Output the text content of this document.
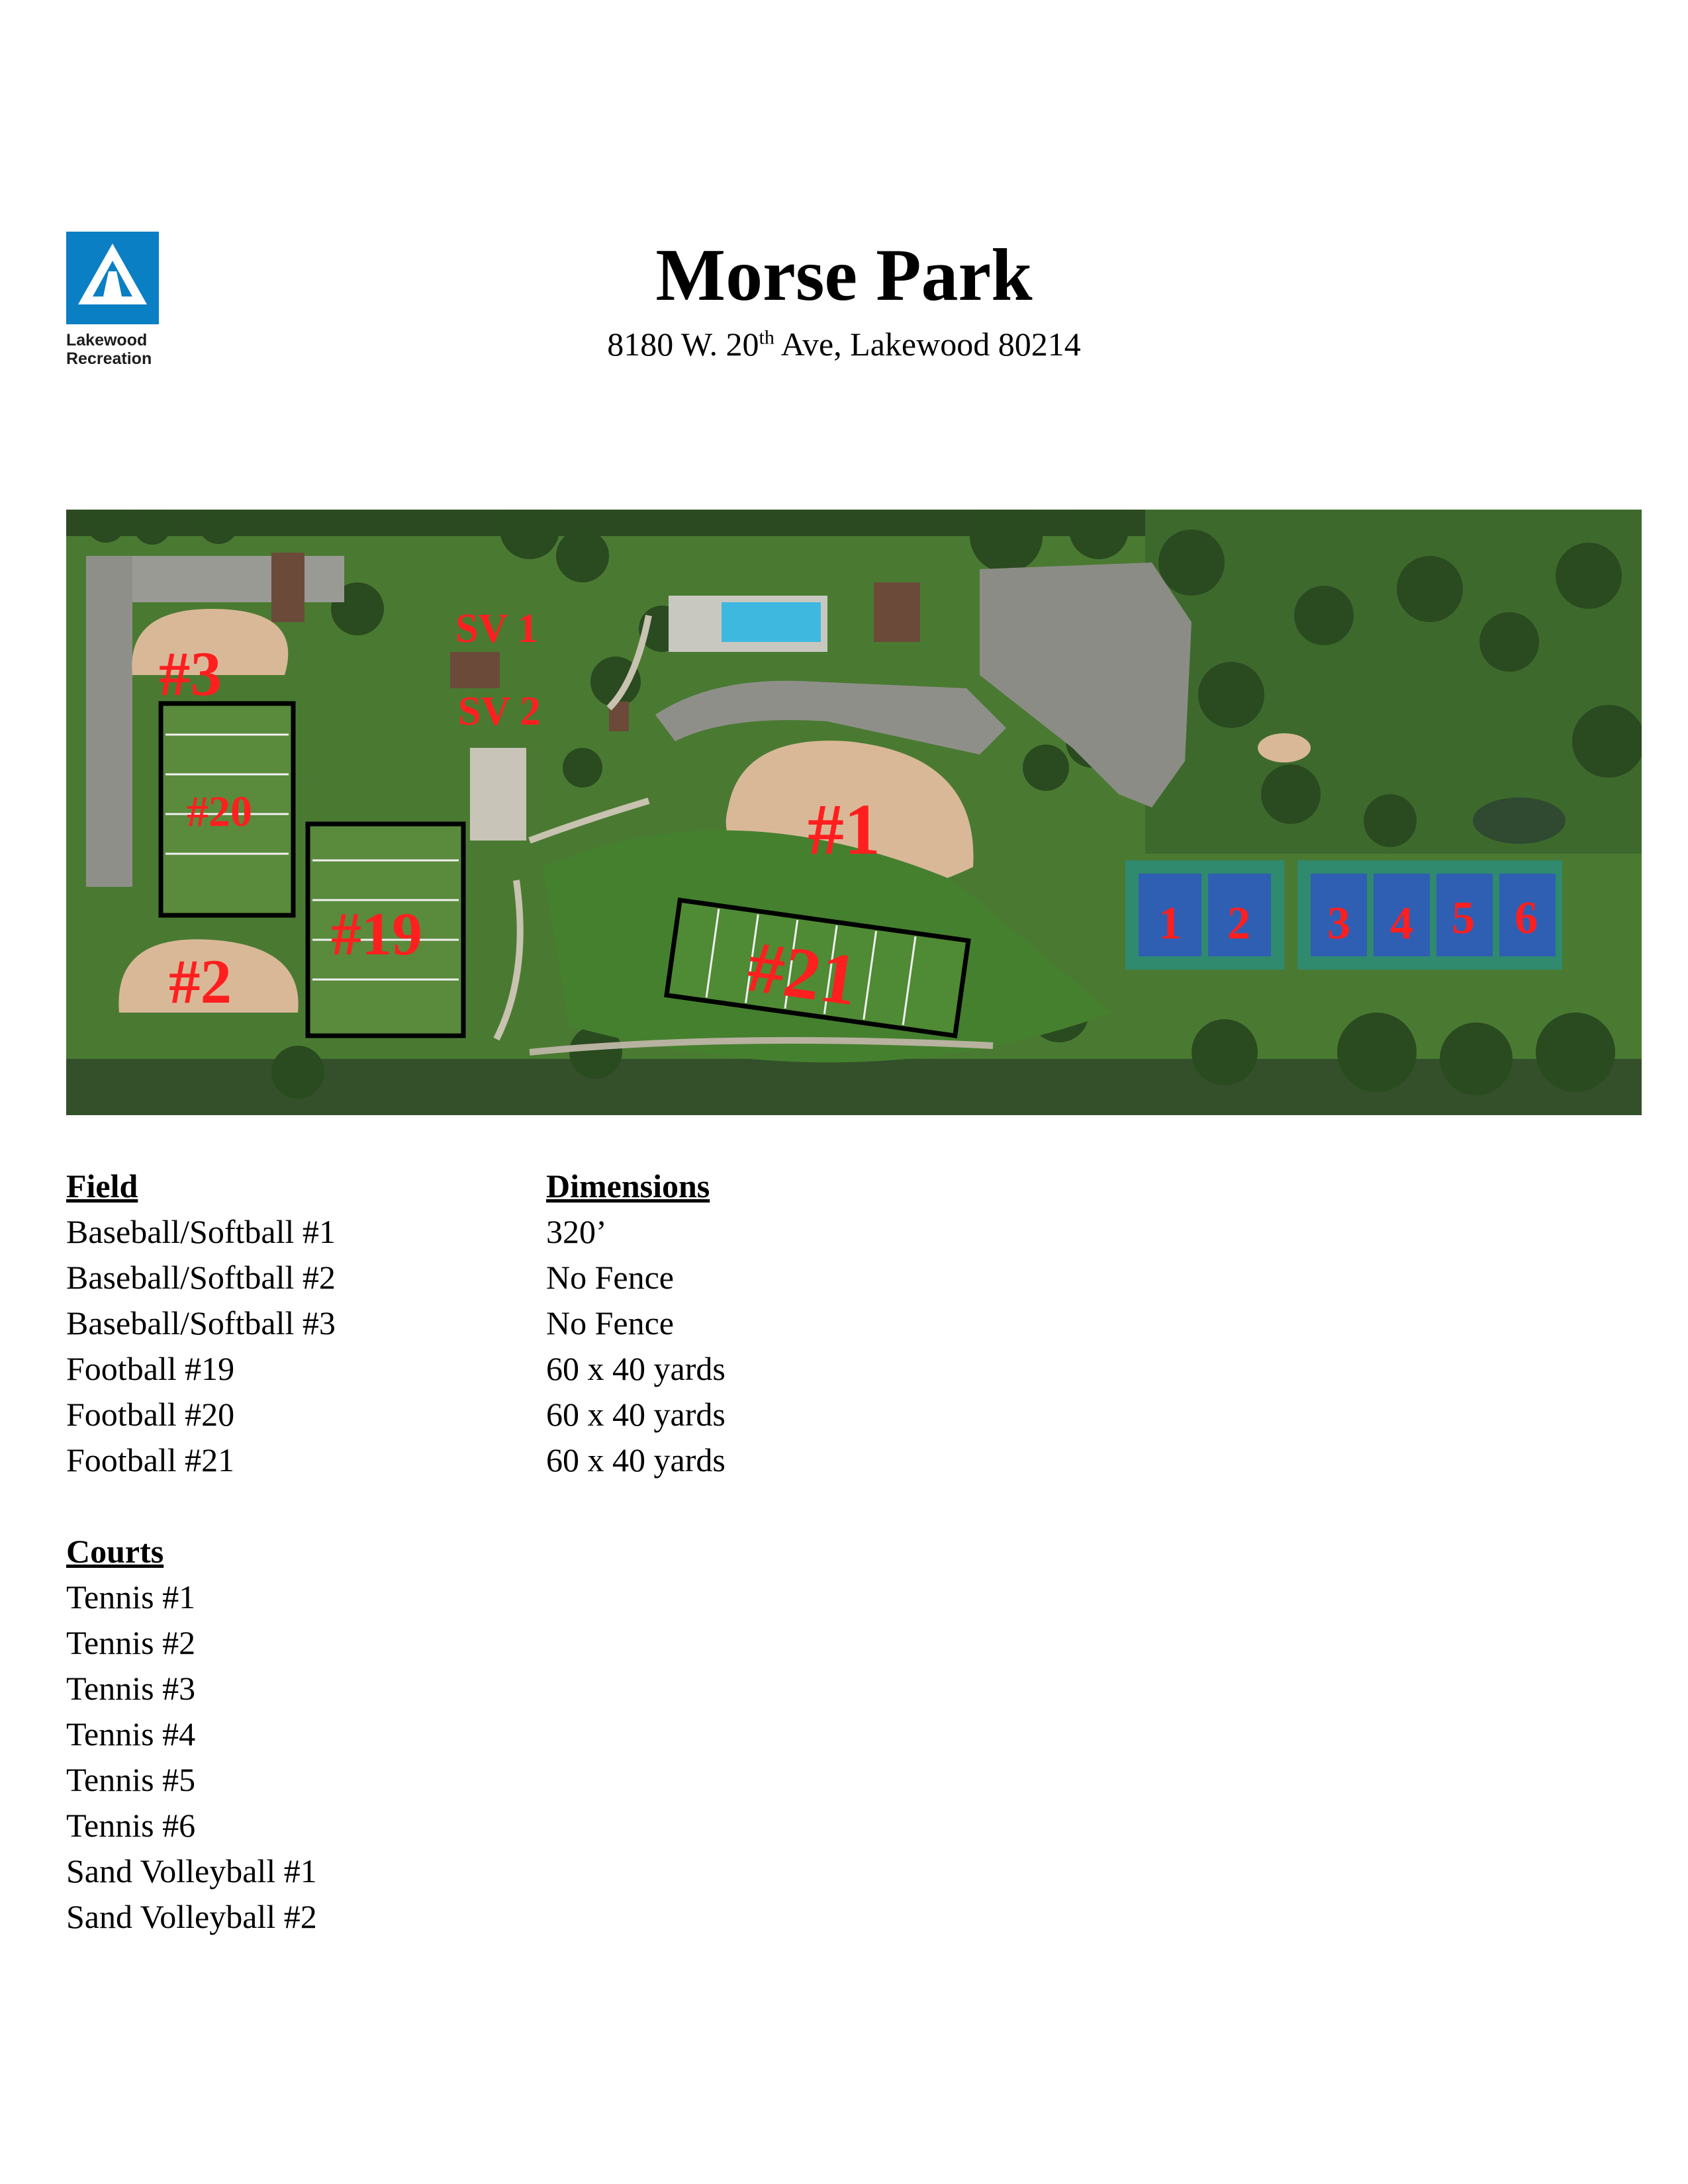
Lakewood
Recreation
Morse Park
8180 W. 20th Ave, Lakewood 80214
#3
#20
#19
#2
#1
#21
SV 1
SV 2
1 2 3 4 5 6
Field	Dimensions
Baseball/Softball #1	320’
Baseball/Softball #2	No Fence
Baseball/Softball #3	No Fence
Football #19	60 x 40 yards
Football #20	60 x 40 yards
Football #21	60 x 40 yards
Courts
Tennis #1
Tennis #2
Tennis #3
Tennis #4
Tennis #5
Tennis #6
Sand Volleyball #1
Sand Volleyball #2
